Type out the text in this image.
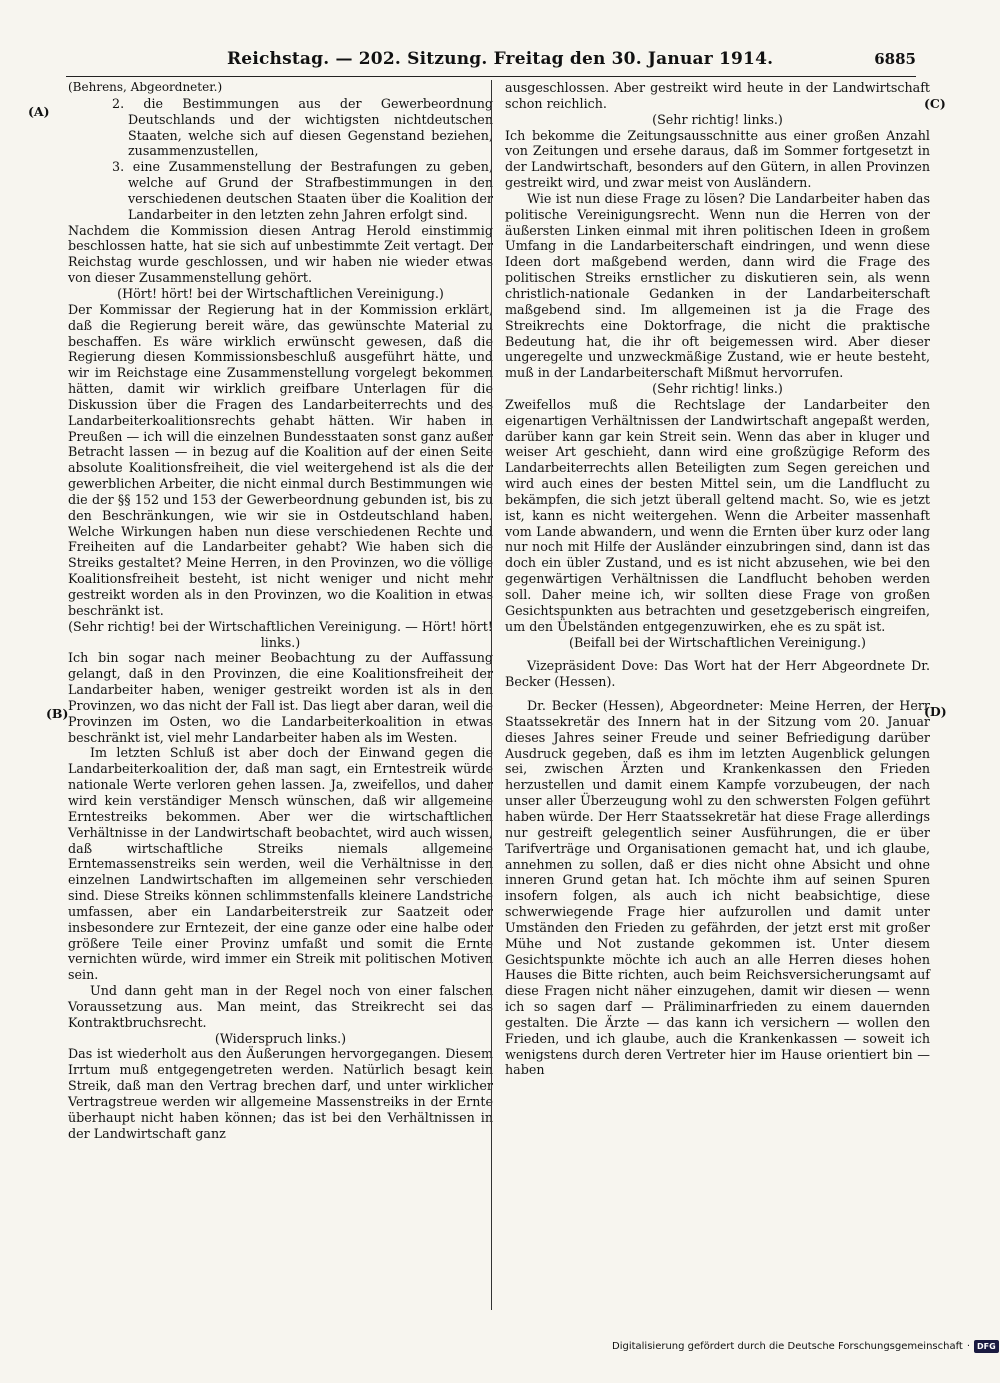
Reichstag. — 202. Sitzung. Freitag den 30. Januar 1914.	6885
(A)
(B)
(C)
(D)

(Behrens, Abgeordneter.)

2. die Bestimmungen aus der Gewerbeordnung Deutschlands und der wichtigsten nichtdeutschen Staaten, welche sich auf diesen Gegenstand beziehen, zusammenzustellen,

3. eine Zusammenstellung der Bestrafungen zu geben, welche auf Grund der Strafbestimmungen in den verschiedenen deutschen Staaten über die Koalition der Landarbeiter in den letzten zehn Jahren erfolgt sind.

Nachdem die Kommission diesen Antrag Herold einstimmig beschlossen hatte, hat sie sich auf unbestimmte Zeit vertagt. Der Reichstag wurde geschlossen, und wir haben nie wieder etwas von dieser Zusammenstellung gehört.

(Hört! hört! bei der Wirtschaftlichen Vereinigung.)

Der Kommissar der Regierung hat in der Kommission erklärt, daß die Regierung bereit wäre, das gewünschte Material zu beschaffen. Es wäre wirklich erwünscht gewesen, daß die Regierung diesen Kommissionsbeschluß ausgeführt hätte, und wir im Reichstage eine Zusammenstellung vorgelegt bekommen hätten, damit wir wirklich greifbare Unterlagen für die Diskussion über die Fragen des Landarbeiterrechts und des Landarbeiterkoalitionsrechts gehabt hätten. Wir haben in Preußen — ich will die einzelnen Bundesstaaten sonst ganz außer Betracht lassen — in bezug auf die Koalition auf der einen Seite absolute Koalitionsfreiheit, die viel weitergehend ist als die der gewerblichen Arbeiter, die nicht einmal durch Bestimmungen wie die der §§ 152 und 153 der Gewerbeordnung gebunden ist, bis zu den Beschränkungen, wie wir sie in Ostdeutschland haben. Welche Wirkungen haben nun diese verschiedenen Rechte und Freiheiten auf die Landarbeiter gehabt? Wie haben sich die Streiks gestaltet? Meine Herren, in den Provinzen, wo die völlige Koalitionsfreiheit besteht, ist nicht weniger und nicht mehr gestreikt worden als in den Provinzen, wo die Koalition in etwas beschränkt ist.

(Sehr richtig! bei der Wirtschaftlichen Vereinigung. — Hört! hört! links.)

Ich bin sogar nach meiner Beobachtung zu der Auffassung gelangt, daß in den Provinzen, die eine Koalitionsfreiheit der Landarbeiter haben, weniger gestreikt worden ist als in den Provinzen, wo das nicht der Fall ist. Das liegt aber daran, weil die Provinzen im Osten, wo die Landarbeiterkoalition in etwas beschränkt ist, viel mehr Landarbeiter haben als im Westen.

Im letzten Schluß ist aber doch der Einwand gegen die Landarbeiterkoalition der, daß man sagt, ein Erntestreik würde nationale Werte verloren gehen lassen. Ja, zweifellos, und daher wird kein verständiger Mensch wünschen, daß wir allgemeine Erntestreiks bekommen. Aber wer die wirtschaftlichen Verhältnisse in der Landwirtschaft beobachtet, wird auch wissen, daß wirtschaftliche Streiks niemals allgemeine Erntemassenstreiks sein werden, weil die Verhältnisse in den einzelnen Landwirtschaften im allgemeinen sehr verschieden sind. Diese Streiks können schlimmstenfalls kleinere Landstriche umfassen, aber ein Landarbeiterstreik zur Saatzeit oder insbesondere zur Erntezeit, der eine ganze oder eine halbe oder größere Teile einer Provinz umfaßt und somit die Ernte vernichten würde, wird immer ein Streik mit politischen Motiven sein.

Und dann geht man in der Regel noch von einer falschen Voraussetzung aus. Man meint, das Streikrecht sei das Kontraktbruchsrecht.

(Widerspruch links.)

Das ist wiederholt aus den Äußerungen hervorgegangen. Diesem Irrtum muß entgegengetreten werden. Natürlich besagt kein Streik, daß man den Vertrag brechen darf, und unter wirklicher Vertragstreue werden wir allgemeine Massenstreiks in der Ernte überhaupt nicht haben können; das ist bei den Verhältnissen in der Landwirtschaft ganz

ausgeschlossen. Aber gestreikt wird heute in der Landwirtschaft schon reichlich.

(Sehr richtig! links.)

Ich bekomme die Zeitungsausschnitte aus einer großen Anzahl von Zeitungen und ersehe daraus, daß im Sommer fortgesetzt in der Landwirtschaft, besonders auf den Gütern, in allen Provinzen gestreikt wird, und zwar meist von Ausländern.

Wie ist nun diese Frage zu lösen? Die Landarbeiter haben das politische Vereinigungsrecht. Wenn nun die Herren von der äußersten Linken einmal mit ihren politischen Ideen in großem Umfang in die Landarbeiterschaft eindringen, und wenn diese Ideen dort maßgebend werden, dann wird die Frage des politischen Streiks ernstlicher zu diskutieren sein, als wenn christlich-nationale Gedanken in der Landarbeiterschaft maßgebend sind. Im allgemeinen ist ja die Frage des Streikrechts eine Doktorfrage, die nicht die praktische Bedeutung hat, die ihr oft beigemessen wird. Aber dieser ungeregelte und unzweckmäßige Zustand, wie er heute besteht, muß in der Landarbeiterschaft Mißmut hervorrufen.

(Sehr richtig! links.)

Zweifellos muß die Rechtslage der Landarbeiter den eigenartigen Verhältnissen der Landwirtschaft angepaßt werden, darüber kann gar kein Streit sein. Wenn das aber in kluger und weiser Art geschieht, dann wird eine großzügige Reform des Landarbeiterrechts allen Beteiligten zum Segen gereichen und wird auch eines der besten Mittel sein, um die Landflucht zu bekämpfen, die sich jetzt überall geltend macht. So, wie es jetzt ist, kann es nicht weitergehen. Wenn die Arbeiter massenhaft vom Lande abwandern, und wenn die Ernten über kurz oder lang nur noch mit Hilfe der Ausländer einzubringen sind, dann ist das doch ein übler Zustand, und es ist nicht abzusehen, wie bei den gegenwärtigen Verhältnissen die Landflucht behoben werden soll. Daher meine ich, wir sollten diese Frage von großen Gesichtspunkten aus betrachten und gesetzgeberisch eingreifen, um den Übelständen entgegenzuwirken, ehe es zu spät ist.

(Beifall bei der Wirtschaftlichen Vereinigung.)

Vizepräsident Dove: Das Wort hat der Herr Abgeordnete Dr. Becker (Hessen).

Dr. Becker (Hessen), Abgeordneter: Meine Herren, der Herr Staatssekretär des Innern hat in der Sitzung vom 20. Januar dieses Jahres seiner Freude und seiner Befriedigung darüber Ausdruck gegeben, daß es ihm im letzten Augenblick gelungen sei, zwischen Ärzten und Krankenkassen den Frieden herzustellen und damit einem Kampfe vorzubeugen, der nach unser aller Überzeugung wohl zu den schwersten Folgen geführt haben würde. Der Herr Staatssekretär hat diese Frage allerdings nur gestreift gelegentlich seiner Ausführungen, die er über Tarifverträge und Organisationen gemacht hat, und ich glaube, annehmen zu sollen, daß er dies nicht ohne Absicht und ohne inneren Grund getan hat. Ich möchte ihm auf seinen Spuren insofern folgen, als auch ich nicht beabsichtige, diese schwerwiegende Frage hier aufzurollen und damit unter Umständen den Frieden zu gefährden, der jetzt erst mit großer Mühe und Not zustande gekommen ist. Unter diesem Gesichtspunkte möchte ich auch an alle Herren dieses hohen Hauses die Bitte richten, auch beim Reichsversicherungsamt auf diese Fragen nicht näher einzugehen, damit wir diesen — wenn ich so sagen darf — Präliminarfrieden zu einem dauernden gestalten. Die Ärzte — das kann ich versichern — wollen den Frieden, und ich glaube, auch die Krankenkassen — soweit ich wenigstens durch deren Vertreter hier im Hause orientiert bin — haben

Digitalisierung gefördert durch die Deutsche Forschungsgemeinschaft · DFG
